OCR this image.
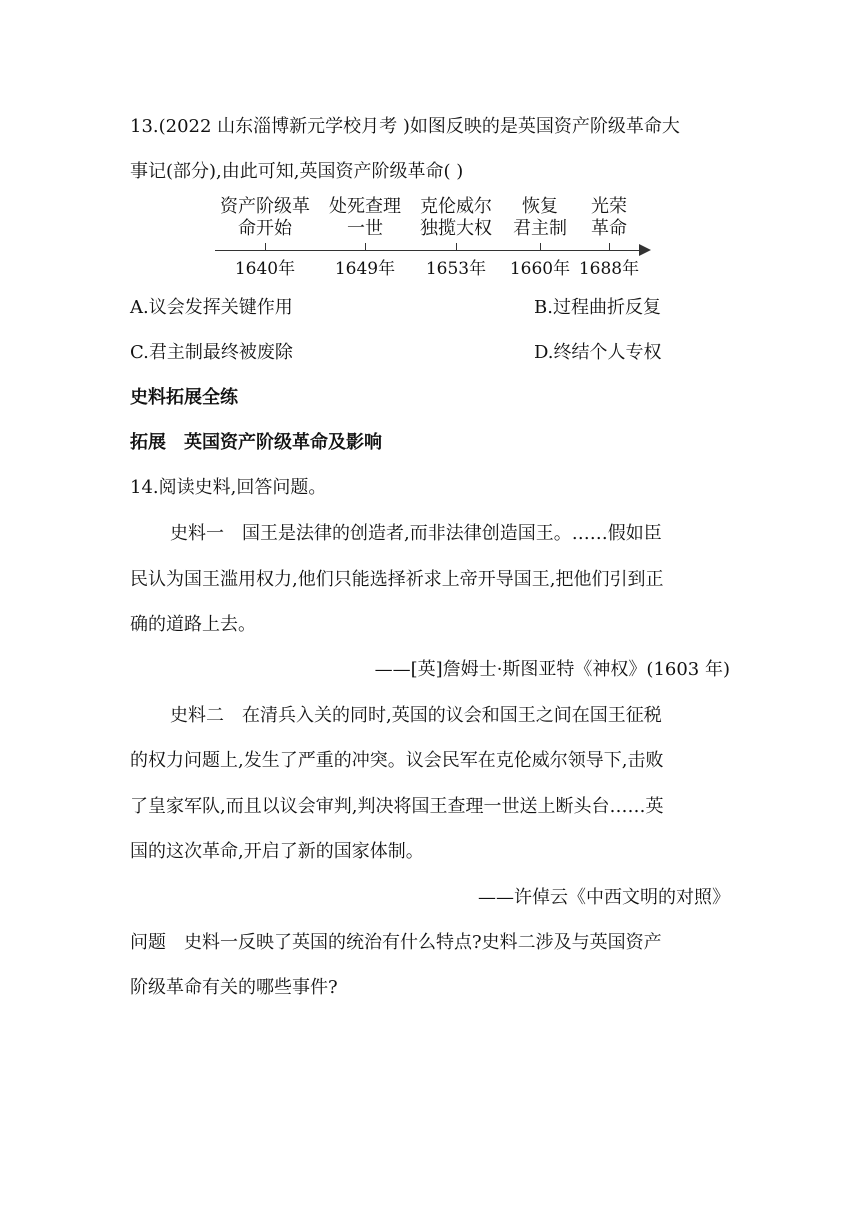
13.(2022 山东淄博新元学校月考 )如图反映的是英国资产阶级革命大
事记(部分),由此可知,英国资产阶级革命( )
资产阶级革
命开始
处死查理
一世
克伦威尔
独揽大权
恢复
君主制
光荣
革命
1640年	1649年	1653年	1660年 1688年
A.议会发挥关键作用	B.过程曲折反复
C.君主制最终被废除	D.终结个人专权
史料拓展全练
拓展　英国资产阶级革命及影响
14.阅读史料,回答问题。
史料一　国王是法律的创造者,而非法律创造国王。……假如臣
民认为国王滥用权力,他们只能选择祈求上帝开导国王,把他们引到正
确的道路上去。
——[英]詹姆士·斯图亚特《神权》(1603 年)
史料二　在清兵入关的同时,英国的议会和国王之间在国王征税
的权力问题上,发生了严重的冲突。议会民军在克伦威尔领导下,击败
了皇家军队,而且以议会审判,判决将国王查理一世送上断头台……英
国的这次革命,开启了新的国家体制。
——许倬云《中西文明的对照》
问题　史料一反映了英国的统治有什么特点?史料二涉及与英国资产
阶级革命有关的哪些事件?
